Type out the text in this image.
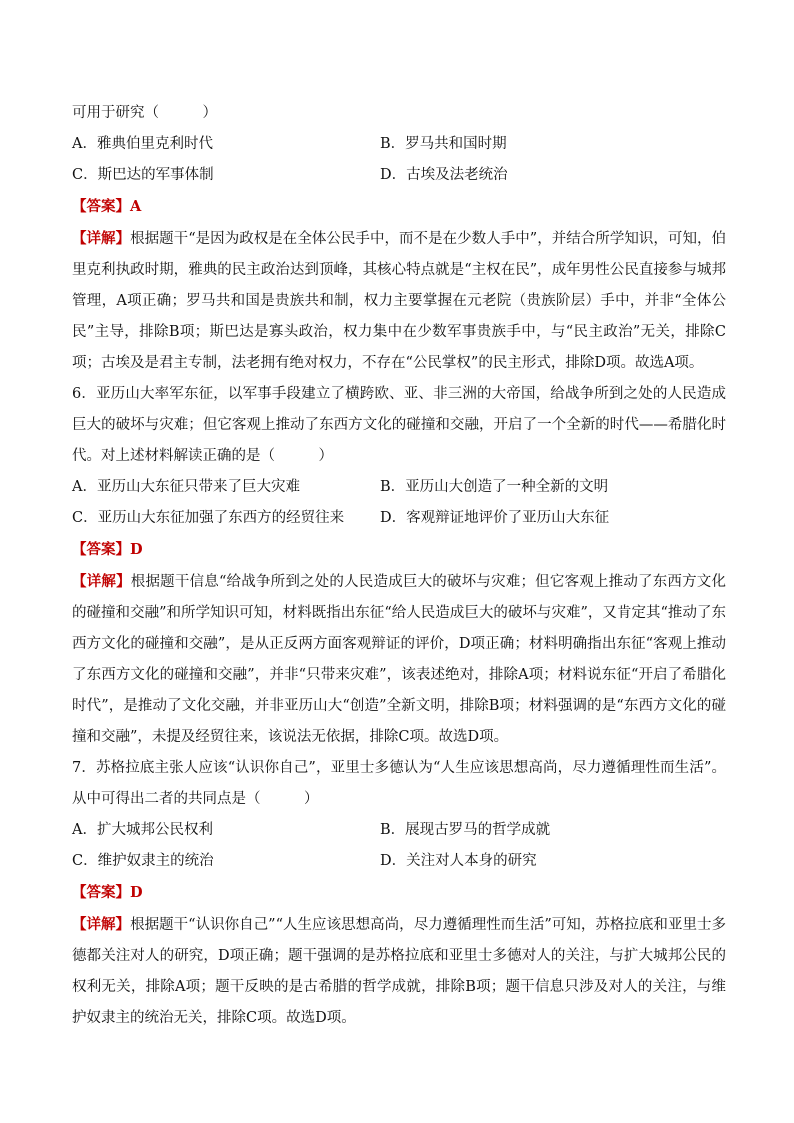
可用于研究（　　　）
A．雅典伯里克利时代	B．罗马共和国时期
C．斯巴达的军事体制	D．古埃及法老统治
【答案】A
【详解】根据题干“是因为政权是在全体公民手中，而不是在少数人手中”，并结合所学知识，可知，伯里克利执政时期，雅典的民主政治达到顶峰，其核心特点就是“主权在民”，成年男性公民直接参与城邦管理，A项正确；罗马共和国是贵族共和制，权力主要掌握在元老院（贵族阶层）手中，并非“全体公民”主导，排除B项；斯巴达是寡头政治，权力集中在少数军事贵族手中，与“民主政治”无关，排除C项；古埃及是君主专制，法老拥有绝对权力，不存在“公民掌权”的民主形式，排除D项。故选A项。
6．亚历山大率军东征，以军事手段建立了横跨欧、亚、非三洲的大帝国，给战争所到之处的人民造成巨大的破坏与灾难；但它客观上推动了东西方文化的碰撞和交融，开启了一个全新的时代——希腊化时代。对上述材料解读正确的是（　　　）
A．亚历山大东征只带来了巨大灾难	B．亚历山大创造了一种全新的文明
C．亚历山大东征加强了东西方的经贸往来 D．客观辩证地评价了亚历山大东征
【答案】D
【详解】根据题干信息“给战争所到之处的人民造成巨大的破坏与灾难；但它客观上推动了东西方文化的碰撞和交融”和所学知识可知，材料既指出东征“给人民造成巨大的破坏与灾难”，又肯定其“推动了东西方文化的碰撞和交融”，是从正反两方面客观辩证的评价，D项正确；材料明确指出东征“客观上推动了东西方文化的碰撞和交融”，并非“只带来灾难”，该表述绝对，排除A项；材料说东征“开启了希腊化时代”，是推动了文化交融，并非亚历山大“创造”全新文明，排除B项；材料强调的是“东西方文化的碰撞和交融”，未提及经贸往来，该说法无依据，排除C项。故选D项。
7．苏格拉底主张人应该“认识你自己”，亚里士多德认为“人生应该思想高尚，尽力遵循理性而生活”。从中可得出二者的共同点是（　　　）
A．扩大城邦公民权利	B．展现古罗马的哲学成就
C．维护奴隶主的统治	D．关注对人本身的研究
【答案】D
【详解】根据题干“认识你自己”“人生应该思想高尚，尽力遵循理性而生活”可知，苏格拉底和亚里士多德都关注对人的研究，D项正确；题干强调的是苏格拉底和亚里士多德对人的关注，与扩大城邦公民的权利无关，排除A项；题干反映的是古希腊的哲学成就，排除B项；题干信息只涉及对人的关注，与维护奴隶主的统治无关，排除C项。故选D项。
